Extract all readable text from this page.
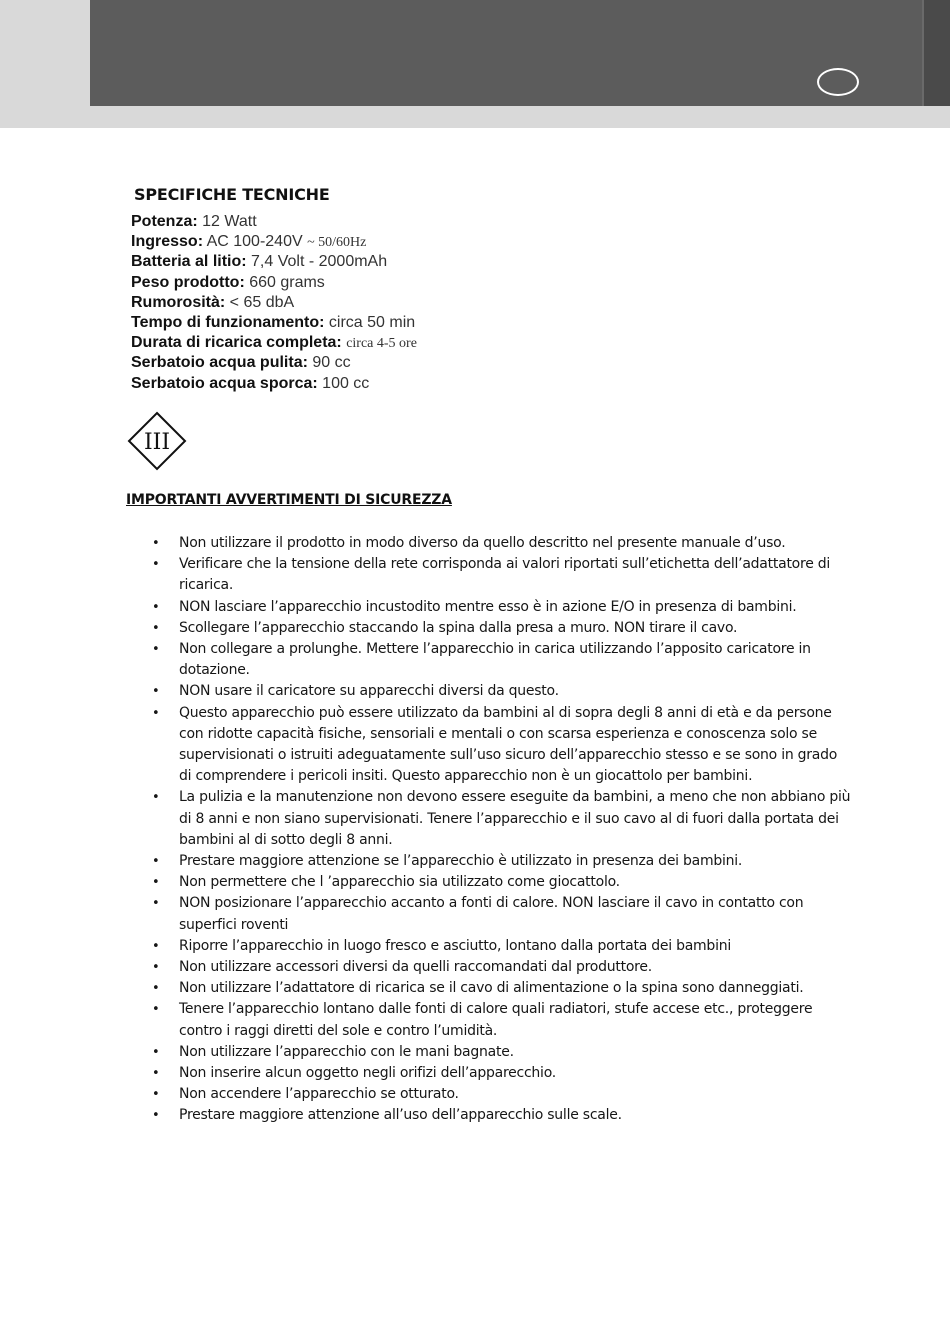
SPECIFICHE TECNICHE
Potenza: 12 Watt
Ingresso: AC 100-240V ~ 50/60Hz
Batteria al litio: 7,4 Volt - 2000mAh
Peso prodotto: 660 grams
Rumorosità: < 65 dbA
Tempo di funzionamento: circa 50 min
Durata di ricarica completa: circa 4-5 ore
Serbatoio acqua pulita: 90 cc
Serbatoio acqua sporca: 100 cc
III
IMPORTANTI AVVERTIMENTI DI SICUREZZA
• Non utilizzare il prodotto in modo diverso da quello descritto nel presente manuale d’uso.
• Verificare che la tensione della rete corrisponda ai valori riportati sull’etichetta dell’adattatore di ricarica.
• NON lasciare l’apparecchio incustodito mentre esso è in azione E/O in presenza di bambini.
• Scollegare l’apparecchio staccando la spina dalla presa a muro. NON tirare il cavo.
• Non collegare a prolunghe. Mettere l’apparecchio in carica utilizzando l’apposito caricatore in dotazione.
• NON usare il caricatore su apparecchi diversi da questo.
• Questo apparecchio può essere utilizzato da bambini al di sopra degli 8 anni di età e da persone con ridotte capacità fisiche, sensoriali e mentali o con scarsa esperienza e conoscenza solo se supervisionati o istruiti adeguatamente sull’uso sicuro dell’apparecchio stesso e se sono in grado di comprendere i pericoli insiti. Questo apparecchio non è un giocattolo per bambini.
• La pulizia e la manutenzione non devono essere eseguite da bambini, a meno che non abbiano più di 8 anni e non siano supervisionati. Tenere l’apparecchio e il suo cavo al di fuori dalla portata dei bambini al di sotto degli 8 anni.
• Prestare maggiore attenzione se l’apparecchio è utilizzato in presenza dei bambini.
• Non permettere che l ’apparecchio sia utilizzato come giocattolo.
• NON posizionare l’apparecchio accanto a fonti di calore. NON lasciare il cavo in contatto con superfici roventi
• Riporre l’apparecchio in luogo fresco e asciutto, lontano dalla portata dei bambini
• Non utilizzare accessori diversi da quelli raccomandati dal produttore.
• Non utilizzare l’adattatore di ricarica se il cavo di alimentazione o la spina sono danneggiati.
• Tenere l’apparecchio lontano dalle fonti di calore quali radiatori, stufe accese etc., proteggere contro i raggi diretti del sole e contro l’umidità.
• Non utilizzare l’apparecchio con le mani bagnate.
• Non inserire alcun oggetto negli orifizi dell’apparecchio.
• Non accendere l’apparecchio se otturato.
• Prestare maggiore attenzione all’uso dell’apparecchio sulle scale.
